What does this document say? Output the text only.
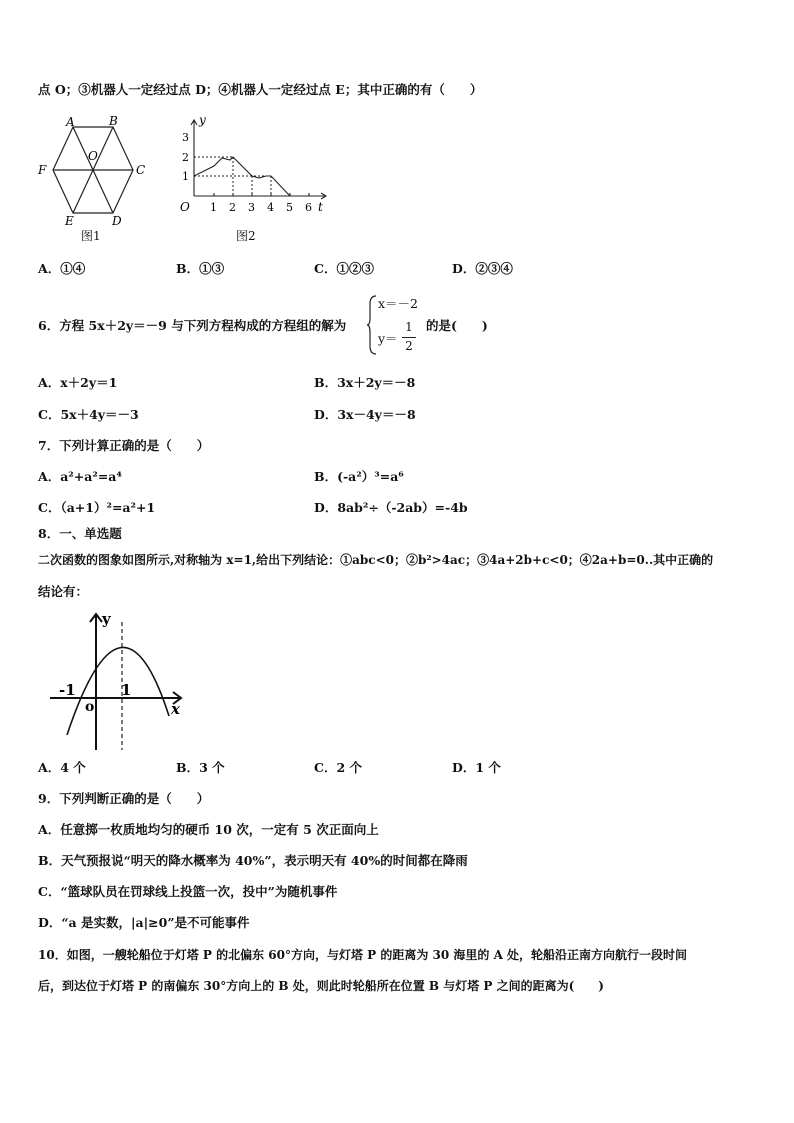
点 O；③机器人一定经过点 D；④机器人一定经过点 E；其中正确的有（　　）
A	B
C
D
E
F
O
图1
y
t
O
1
2
3
1 2 3 4 5 6
图2
A．①④	B．①③	C．①②③	D．②③④
6．方程 5x＋2y＝－9 与下列方程构成的方程组的解为
x＝－2
y＝
1
2
的是(　　)
A．x＋2y＝1	B．3x＋2y＝－8
C．5x＋4y＝－3	D．3x－4y＝－8
7．下列计算正确的是（　　）
A．a²+a²=a⁴	B．(-a²）³=a⁶
C．（a+1）²=a²+1	D．8ab²÷（-2ab）=-4b
8．一、单选题
二次函数的图象如图所示,对称轴为 x=1,给出下列结论：①abc<0；②b²>4ac；③4a+2b+c<0；④2a+b=0..其中正确的
结论有：
y
x
o
-1	1
A．4 个	B．3 个	C．2 个	D．1 个
9．下列判断正确的是（　　）
A．任意掷一枚质地均匀的硬币 10 次，一定有 5 次正面向上
B．天气预报说“明天的降水概率为 40%”，表示明天有 40%的时间都在降雨
C．“篮球队员在罚球线上投篮一次，投中”为随机事件
D．“a 是实数，|a|≥0”是不可能事件
10．如图，一艘轮船位于灯塔 P 的北偏东 60°方向，与灯塔 P 的距离为 30 海里的 A 处，轮船沿正南方向航行一段时间
后，到达位于灯塔 P 的南偏东 30°方向上的 B 处，则此时轮船所在位置 B 与灯塔 P 之间的距离为(　　)
